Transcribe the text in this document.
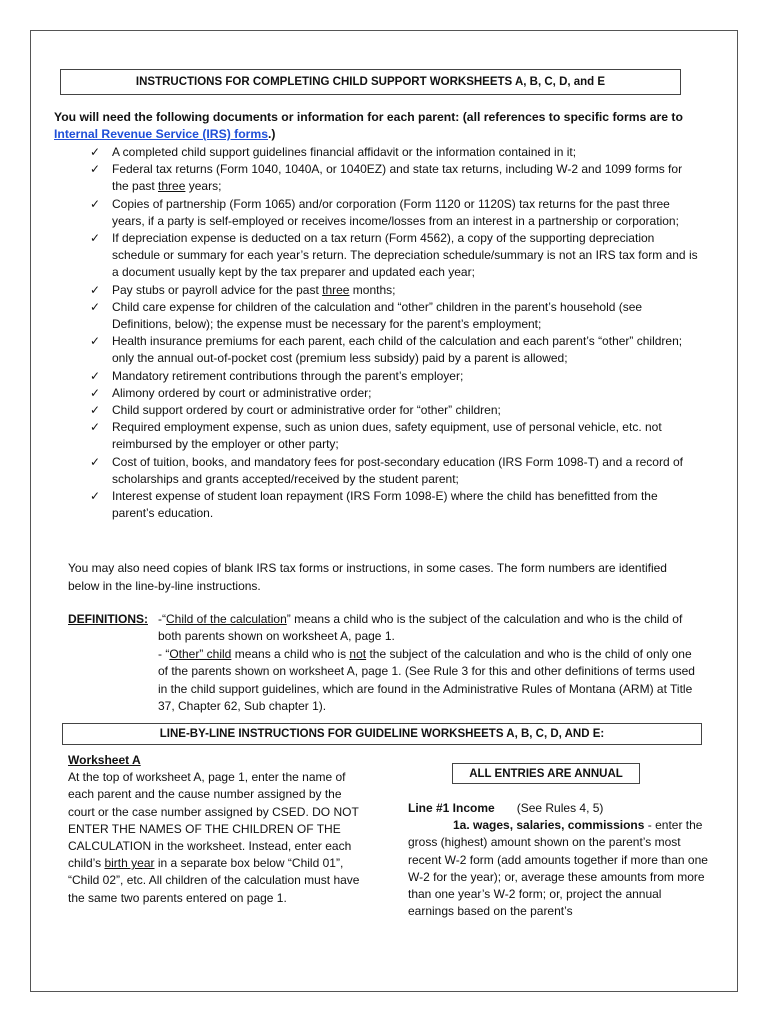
INSTRUCTIONS FOR COMPLETING CHILD SUPPORT WORKSHEETS A, B, C, D, and E
You will need the following documents or information for each parent: (all references to specific forms are to Internal Revenue Service (IRS) forms.)
✓ A completed child support guidelines financial affidavit or the information contained in it;
✓ Federal tax returns (Form 1040, 1040A, or 1040EZ) and state tax returns, including W-2 and 1099 forms for the past three years;
✓ Copies of partnership (Form 1065) and/or corporation (Form 1120 or 1120S) tax returns for the past three years, if a party is self-employed or receives income/losses from an interest in a partnership or corporation;
✓ If depreciation expense is deducted on a tax return (Form 4562), a copy of the supporting depreciation schedule or summary for each year’s return. The depreciation schedule/summary is not an IRS tax form and is a document usually kept by the tax preparer and updated each year;
✓ Pay stubs or payroll advice for the past three months;
✓ Child care expense for children of the calculation and “other” children in the parent’s household (see Definitions, below); the expense must be necessary for the parent’s employment;
✓ Health insurance premiums for each parent, each child of the calculation and each parent’s “other” children; only the annual out-of-pocket cost (premium less subsidy) paid by a parent is allowed;
✓ Mandatory retirement contributions through the parent’s employer;
✓ Alimony ordered by court or administrative order;
✓ Child support ordered by court or administrative order for “other” children;
✓ Required employment expense, such as union dues, safety equipment, use of personal vehicle, etc. not reimbursed by the employer or other party;
✓ Cost of tuition, books, and mandatory fees for post-secondary education (IRS Form 1098-T) and a record of scholarships and grants accepted/received by the student parent;
✓ Interest expense of student loan repayment (IRS Form 1098-E) where the child has benefitted from the parent’s education.
You may also need copies of blank IRS tax forms or instructions, in some cases. The form numbers are identified below in the line-by-line instructions.
DEFINITIONS: -“Child of the calculation” means a child who is the subject of the calculation and who is the child of both parents shown on worksheet A, page 1.
- “Other” child means a child who is not the subject of the calculation and who is the child of only one of the parents shown on worksheet A, page 1. (See Rule 3 for this and other definitions of terms used in the child support guidelines, which are found in the Administrative Rules of Montana (ARM) at Title 37, Chapter 62, Sub chapter 1).
LINE-BY-LINE INSTRUCTIONS FOR GUIDELINE WORKSHEETS A, B, C, D, AND E:
Worksheet A
At the top of worksheet A, page 1, enter the name of each parent and the cause number assigned by the court or the case number assigned by CSED. DO NOT ENTER THE NAMES OF THE CHILDREN OF THE CALCULATION in the worksheet. Instead, enter each child’s birth year in a separate box below “Child 01”, “Child 02”, etc. All children of the calculation must have the same two parents entered on page 1.
ALL ENTRIES ARE ANNUAL
Line #1 Income (See Rules 4, 5)
1a. wages, salaries, commissions - enter the gross (highest) amount shown on the parent’s most recent W-2 form (add amounts together if more than one W-2 for the year); or, average these amounts from more than one year’s W-2 form; or, project the annual earnings based on the parent’s
